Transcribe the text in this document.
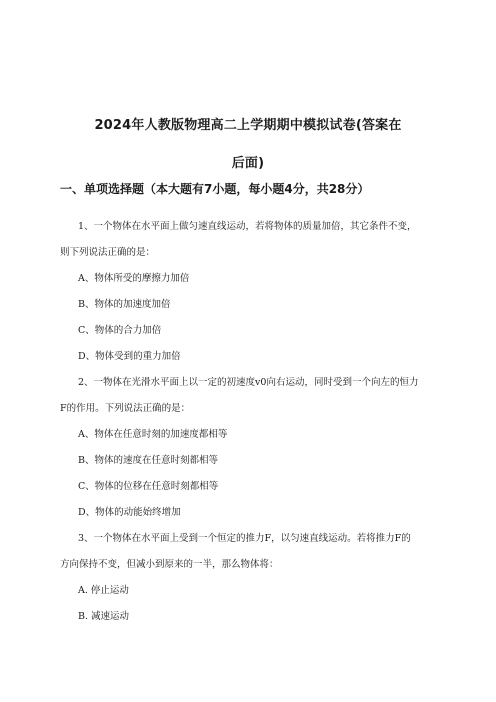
2024年人教版物理高二上学期期中模拟试卷(答案在
后面)
一、单项选择题（本大题有7小题，每小题4分，共28分）
1、一个物体在水平面上做匀速直线运动，若将物体的质量加倍，其它条件不变，
则下列说法正确的是：
A、物体所受的摩擦力加倍
B、物体的加速度加倍
C、物体的合力加倍
D、物体受到的重力加倍
2、一物体在光滑水平面上以一定的初速度v0向右运动，同时受到一个向左的恒力
F的作用。下列说法正确的是：
A、物体在任意时刻的加速度都相等
B、物体的速度在任意时刻都相等
C、物体的位移在任意时刻都相等
D、物体的动能始终增加
3、一个物体在水平面上受到一个恒定的推力F，以匀速直线运动。若将推力F的
方向保持不变，但减小到原来的一半，那么物体将：
A. 停止运动
B. 减速运动
